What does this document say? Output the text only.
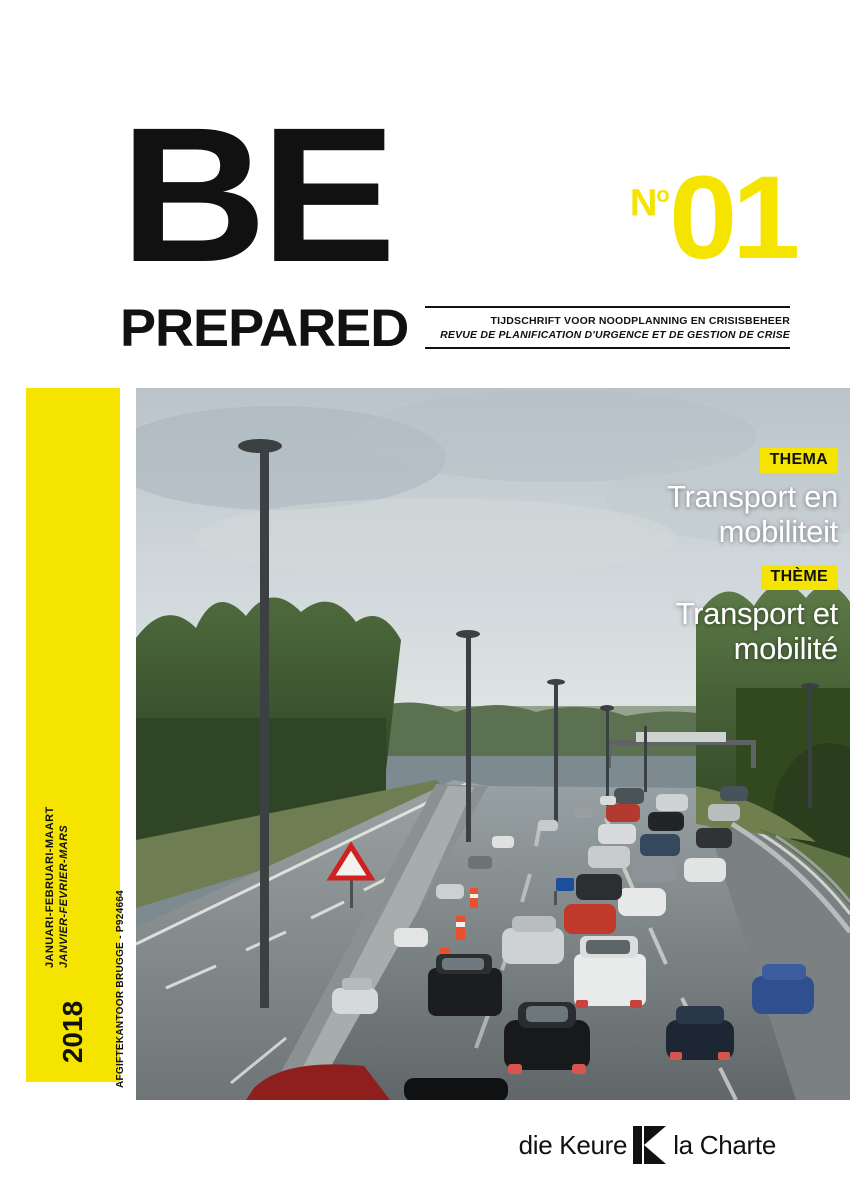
BE
PREPARED	TIJDSCHRIFT VOOR NOODPLANNING EN CRISISBEHEER
REVUE DE PLANIFICATION D'URGENCE ET DE GESTION DE CRISE
$N^o$ 01
2018
JANUARI-FEBRUARI-MAART JANVIER-FEVRIER-MARS	AFGIFTEKANTOOR BRUGGE - P924664
THEMA
Transport en
mobiliteit
THÈME
Transport et
mobilité
die Keure la Charte
